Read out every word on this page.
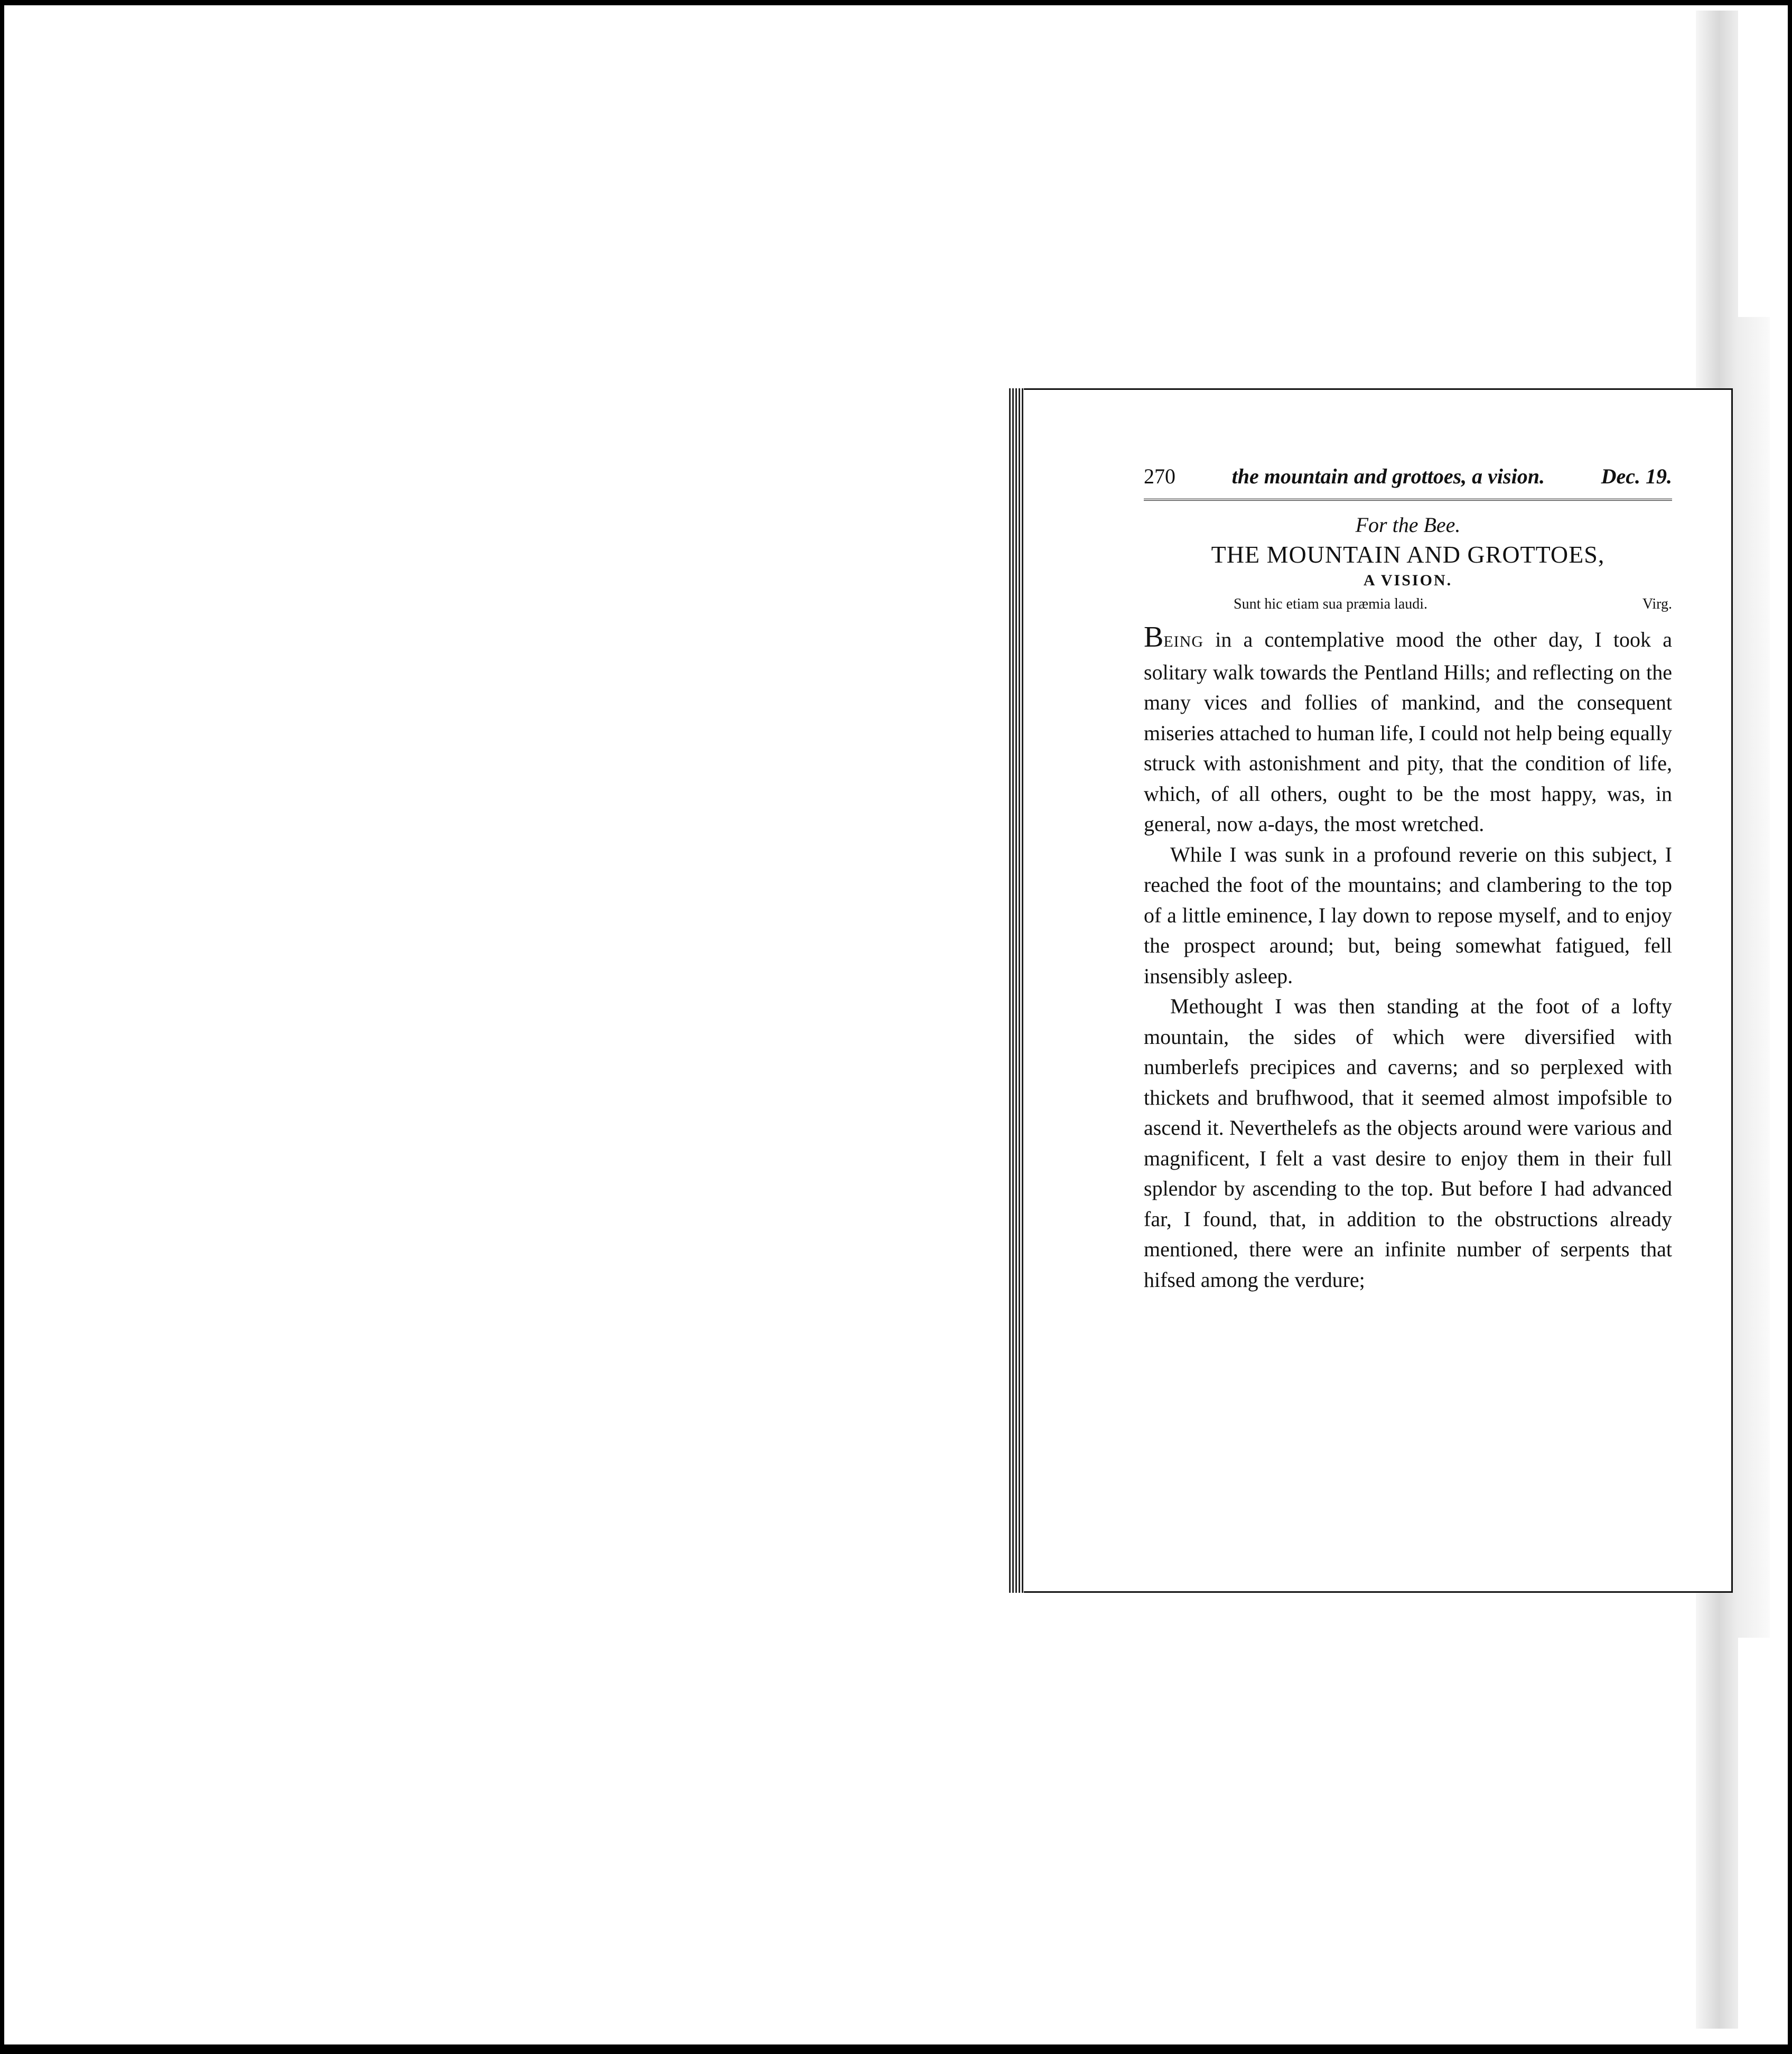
270	the mountain and grottoes, a vision.	Dec. 19.
For the Bee.
THE MOUNTAIN AND GROTTOES,
A VISION.
Sunt hic etiam sua præmia laudi.	Virg.

BEING in a contemplative mood the other day, I took a solitary walk towards the Pentland Hills; and reflecting on the many vices and follies of mankind, and the consequent miseries attached to human life, I could not help being equally struck with astonishment and pity, that the condition of life, which, of all others, ought to be the most happy, was, in general, now a-days, the most wretched.

While I was sunk in a profound reverie on this subject, I reached the foot of the mountains; and clambering to the top of a little eminence, I lay down to repose myself, and to enjoy the prospect around; but, being somewhat fatigued, fell insensibly asleep.

Methought I was then standing at the foot of a lofty mountain, the sides of which were diversified with numberlefs precipices and caverns; and so perplexed with thickets and brufhwood, that it seemed almost impofsible to ascend it. Neverthelefs as the objects around were various and magnificent, I felt a vast desire to enjoy them in their full splendor by ascending to the top. But before I had advanced far, I found, that, in addition to the obstructions already mentioned, there were an infinite number of serpents that hifsed among the verdure;
